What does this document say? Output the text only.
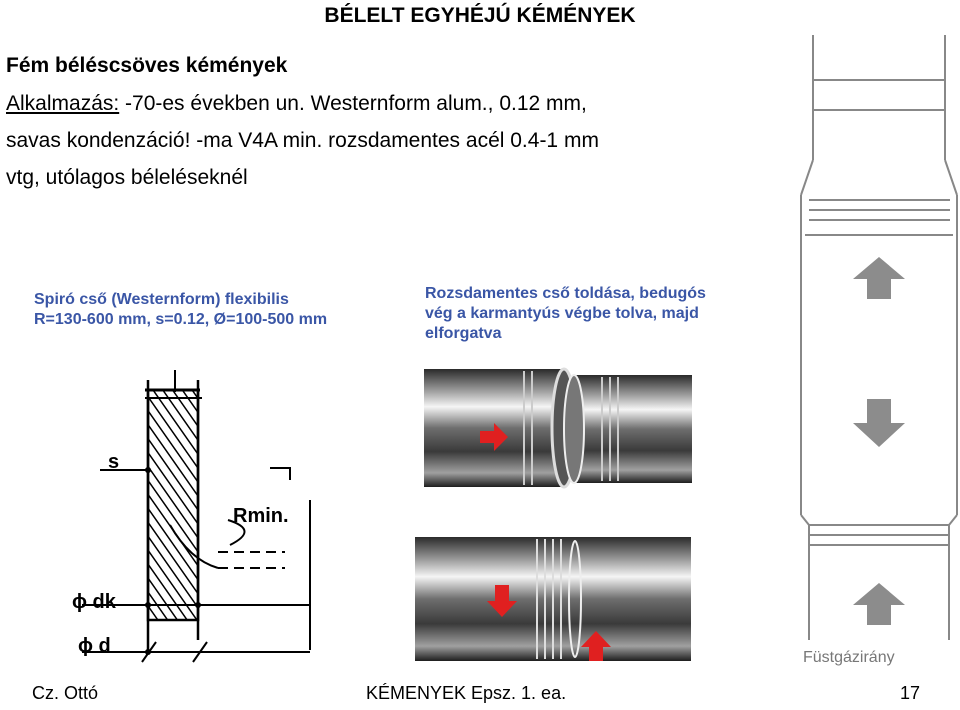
BÉLELT EGYHÉJÚ KÉMÉNYEK
Fém béléscsöves kémények
Alkalmazás: -70-es években un. Westernform alum., 0.12 mm,
savas kondenzáció! -ma V4A min. rozsdamentes acél 0.4-1 mm
vtg, utólagos béleléseknél
Spiró cső (Westernform) flexibilis
R=130-600 mm, s=0.12, Ø=100-500 mm
Rozsdamentes cső toldása, bedugós
vég a karmantyús végbe tolva, majd
elforgatva
s
Rmin.
ϕ dk
ϕ d
Füstgázirány
Cz. Ottó	KÉMENYEK Epsz. 1. ea.	17
